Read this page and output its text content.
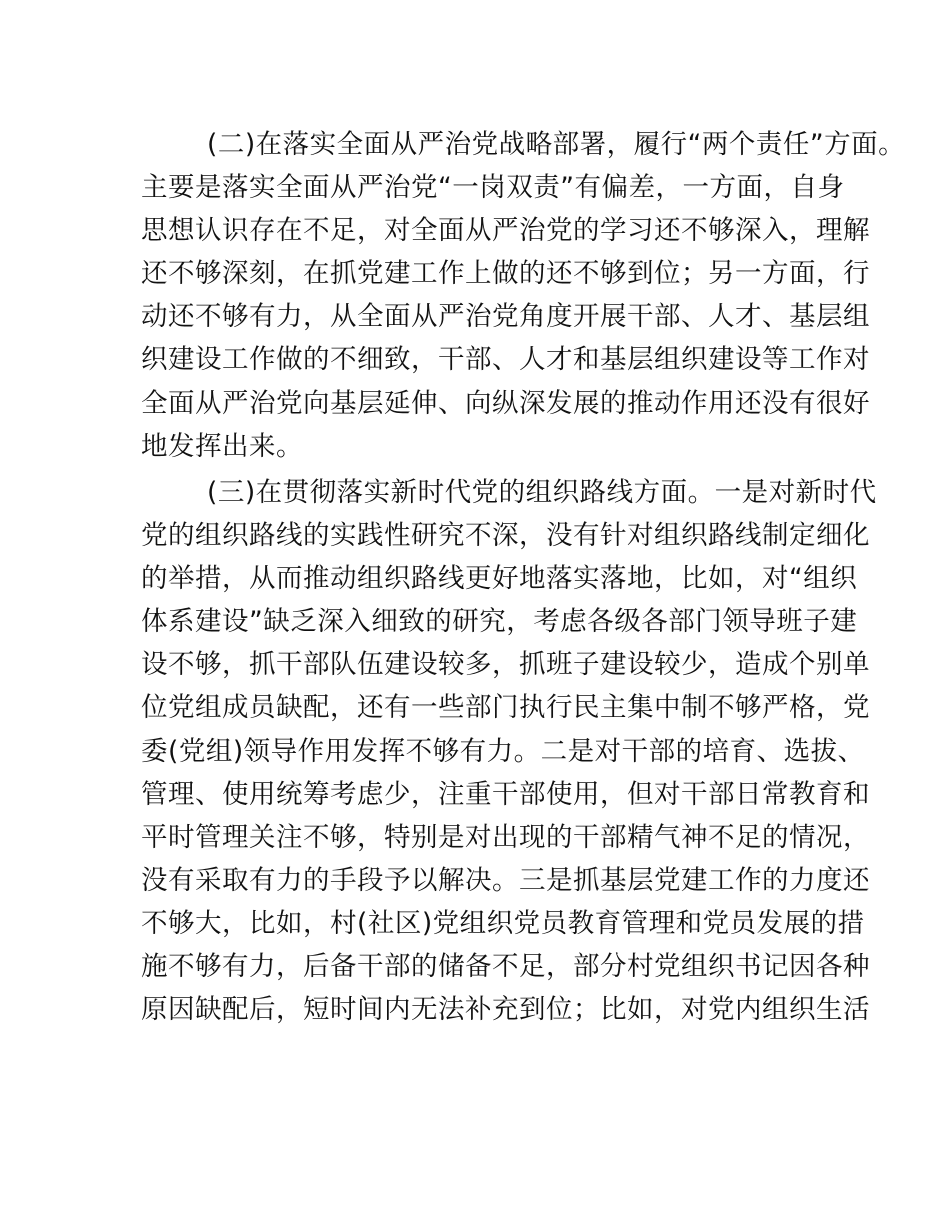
(二)在落实全面从严治党战略部署，履行“两个责任”方面。
主要是落实全面从严治党“一岗双责”有偏差，一方面，自身
思想认识存在不足，对全面从严治党的学习还不够深入，理解
还不够深刻，在抓党建工作上做的还不够到位；另一方面，行
动还不够有力，从全面从严治党角度开展干部、人才、基层组
织建设工作做的不细致，干部、人才和基层组织建设等工作对
全面从严治党向基层延伸、向纵深发展的推动作用还没有很好
地发挥出来。
(三)在贯彻落实新时代党的组织路线方面。一是对新时代
党的组织路线的实践性研究不深，没有针对组织路线制定细化
的举措，从而推动组织路线更好地落实落地，比如，对“组织
体系建设”缺乏深入细致的研究，考虑各级各部门领导班子建
设不够，抓干部队伍建设较多，抓班子建设较少，造成个别单
位党组成员缺配，还有一些部门执行民主集中制不够严格，党
委(党组)领导作用发挥不够有力。二是对干部的培育、选拔、
管理、使用统筹考虑少，注重干部使用，但对干部日常教育和
平时管理关注不够，特别是对出现的干部精气神不足的情况，
没有采取有力的手段予以解决。三是抓基层党建工作的力度还
不够大，比如，村(社区)党组织党员教育管理和党员发展的措
施不够有力，后备干部的储备不足，部分村党组织书记因各种
原因缺配后，短时间内无法补充到位；比如，对党内组织生活
